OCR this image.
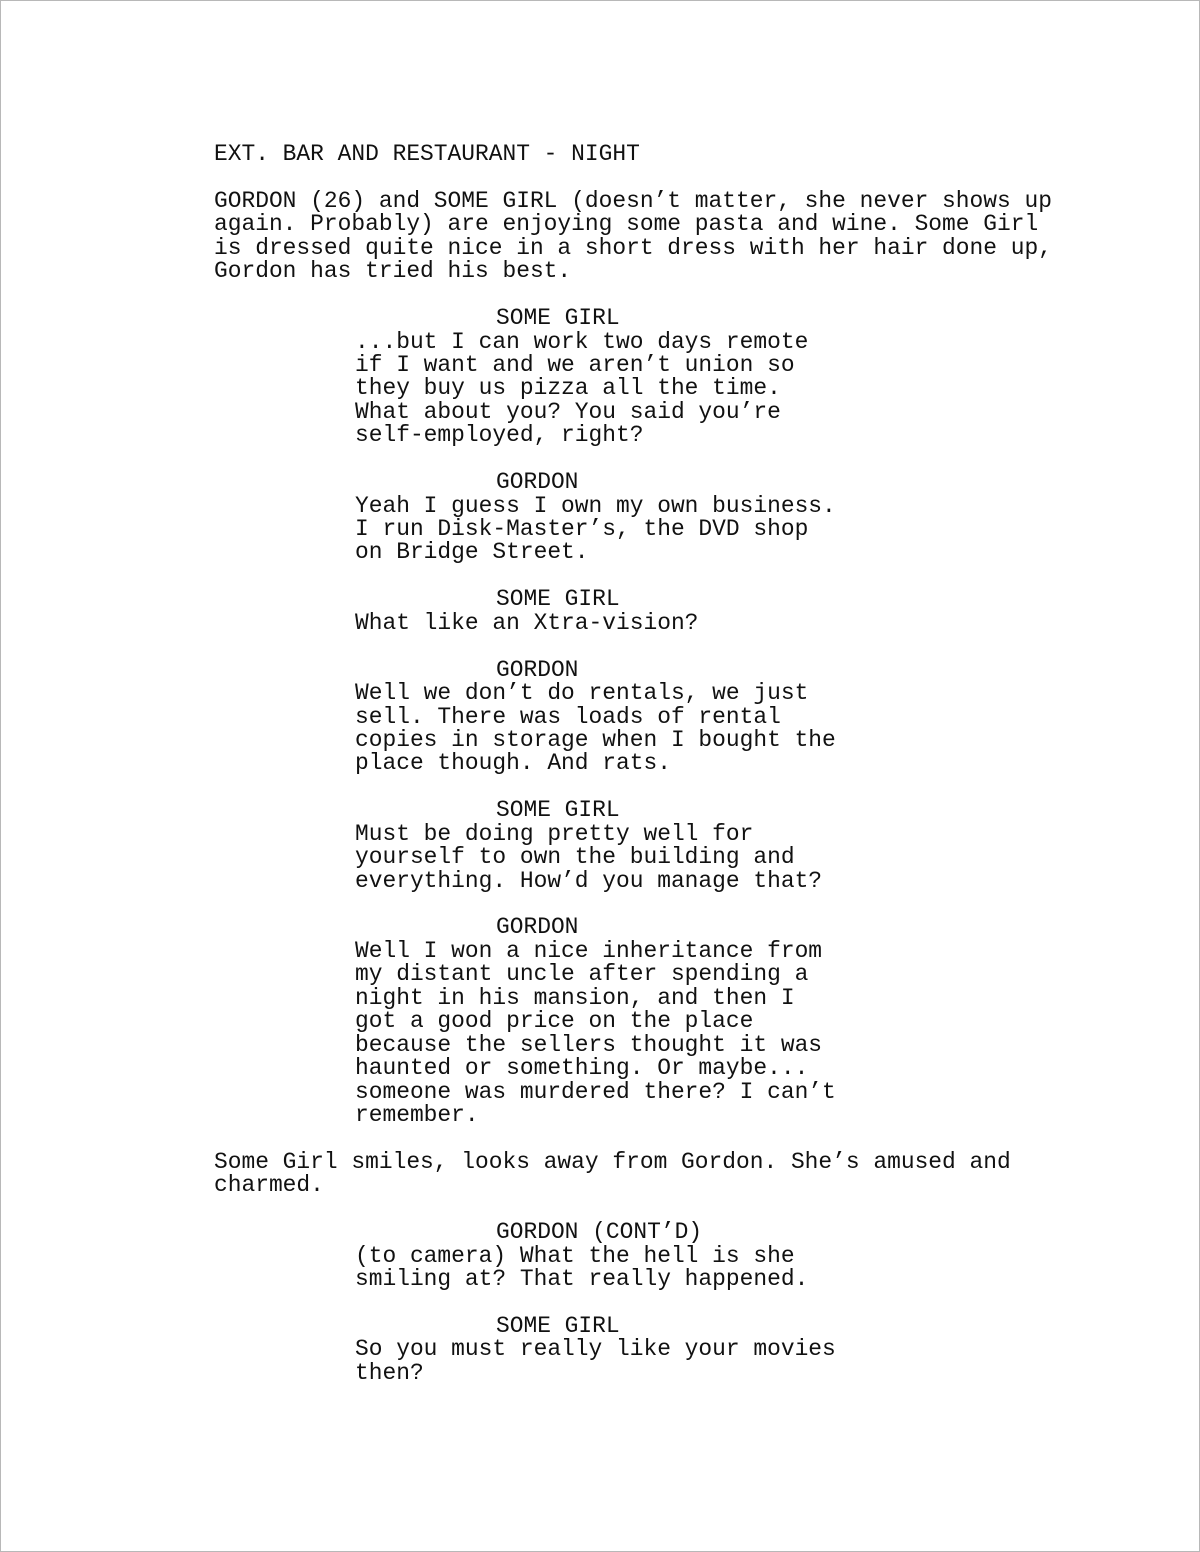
EXT. BAR AND RESTAURANT - NIGHT
GORDON (26) and SOME GIRL (doesn’t matter, she never shows up
again. Probably) are enjoying some pasta and wine. Some Girl
is dressed quite nice in a short dress with her hair done up,
Gordon has tried his best.
SOME GIRL
...but I can work two days remote
if I want and we aren’t union so
they buy us pizza all the time.
What about you? You said you’re
self-employed, right?
GORDON
Yeah I guess I own my own business.
I run Disk-Master’s, the DVD shop
on Bridge Street.
SOME GIRL
What like an Xtra-vision?
GORDON
Well we don’t do rentals, we just
sell. There was loads of rental
copies in storage when I bought the
place though. And rats.
SOME GIRL
Must be doing pretty well for
yourself to own the building and
everything. How’d you manage that?
GORDON
Well I won a nice inheritance from
my distant uncle after spending a
night in his mansion, and then I
got a good price on the place
because the sellers thought it was
haunted or something. Or maybe...
someone was murdered there? I can’t
remember.
Some Girl smiles, looks away from Gordon. She’s amused and
charmed.
GORDON (CONT’D)
(to camera) What the hell is she
smiling at? That really happened.
SOME GIRL
So you must really like your movies
then?
